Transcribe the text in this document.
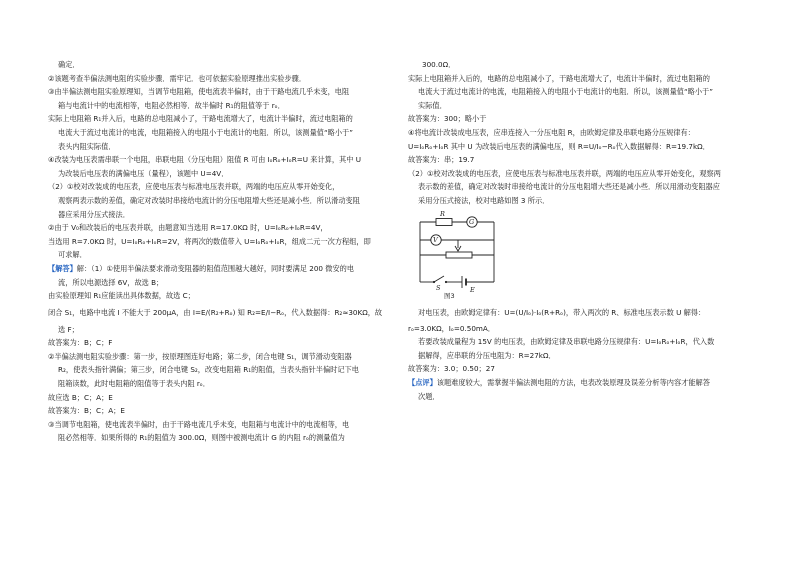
确定．
②该题考查半偏法测电阻的实验步骤．需牢记．也可依据实验原理推出实验步骤．
③由半偏法测电阻实验原理知，当调节电阻箱，使电流表半偏时，由于干路电流几乎未变，电阻
箱与电流计中的电流相等，电阻必然相等．故半偏时 R₁的阻值等于 rₒ．
实际上电阻箱 R₁并入后，电路的总电阻减小了，干路电流增大了，电流计半偏时，流过电阻箱的
电流大于流过电流计的电流，电阻箱接入的电阻小于电流计的电阻．所以，该测量值“略小于”
表头内阻实际值．
④改装为电压表需串联一个电阻，串联电阻（分压电阻）阻值 R 可由 IₒRₒ+IₒR=U 来计算，其中 U
为改装后电压表的满偏电压（量程），该题中 U=4V．
（2）①校对改装成的电压表，应使电压表与标准电压表并联，两端的电压应从零开始变化，
观察两表示数的差值，确定对改装时串接给电流计的分压电阻增大些还是减小些．所以滑动变阻
器应采用分压式接法．
②由于 V₀和改装后的电压表并联，由题意知当选用 R=17.0KΩ 时，U=IₒRₒ+IₒR=4V，
当选用 R=7.0KΩ 时，U=IₒRₒ+IₒR=2V，将两次的数值带入 U=IₒRₒ+IₒR，组成二元一次方程组，即
可求解．
【解答】解：（1）①使用半偏法要求滑动变阻器的阻值范围越大越好，同时要满足 200 微安的电
流，所以电源选择 6V，故选 B；
由实验原理知 R₁应能读出具体数据，故选 C；
闭合 S₁，电路中电流 I 不能大于 200μA，由 I=E/(R₂+Rₒ) 知 R₂=E/I−Rₒ，代入数据得：R₂≈30KΩ，故
选 F；
故答案为：B；C；F
②半偏法测电阻实验步骤：第一步，按原理图连好电路；第二步，闭合电键 S₁，调节滑动变阻器
R₂，使表头指针满偏；第三步，闭合电键 S₂，改变电阻箱 R₁的阻值，当表头指针半偏时记下电
阻箱读数，此时电阻箱的阻值等于表头内阻 rₒ．
故应选 B；C；A；E
故答案为：B；C；A；E
③当调节电阻箱，使电流表半偏时，由于干路电流几乎未变，电阻箱与电流计中的电流相等，电
阻必然相等．如果所得的 R₁的阻值为 300.0Ω，则图中被测电流计 G 的内阻 rₒ的测量值为
300.0Ω．
实际上电阻箱并入后的，电路的总电阻减小了，干路电流增大了，电流计半偏时，流过电阻箱的
电流大于流过电流计的电流，电阻箱接入的电阻小于电流计的电阻．所以，该测量值“略小于”
实际值．
故答案为：300；略小于
④将电流计改装成电压表，应串连接入一分压电阻 R，由欧姆定律及串联电路分压规律有：
U=IₒRₒ+IₒR 其中 U 为改装后电压表的满偏电压，则 R=U/Iₒ−Rₒ代入数据解得：R=19.7kΩ．
故答案为：串；19.7
（2）①校对改装成的电压表，应使电压表与标准电压表并联，两端的电压应从零开始变化，观察两
表示数的差值，确定对改装时串接给电流计的分压电阻增大些还是减小些．所以用滑动变阻器应
采用分压式接法，校对电路如图 3 所示．
R
G
V
S	E
图3
对电压表，由欧姆定律有：U=(U/Iₒ)·Iₒ(R+Rₒ)，带入两次的 R、标准电压表示数 U 解得：
rₒ=3.0KΩ，Iₒ=0.50mA．
若要改装成量程为 15V 的电压表，由欧姆定律及串联电路分压规律有：U=IₒRₒ+IₒR，代入数
据解得，应串联的分压电阻为：R=27kΩ．
故答案为：3.0；0.50；27
【点评】该题难度较大，需掌握半偏法测电阻的方法，电表改装原理及误差分析等内容才能解答
次题．
